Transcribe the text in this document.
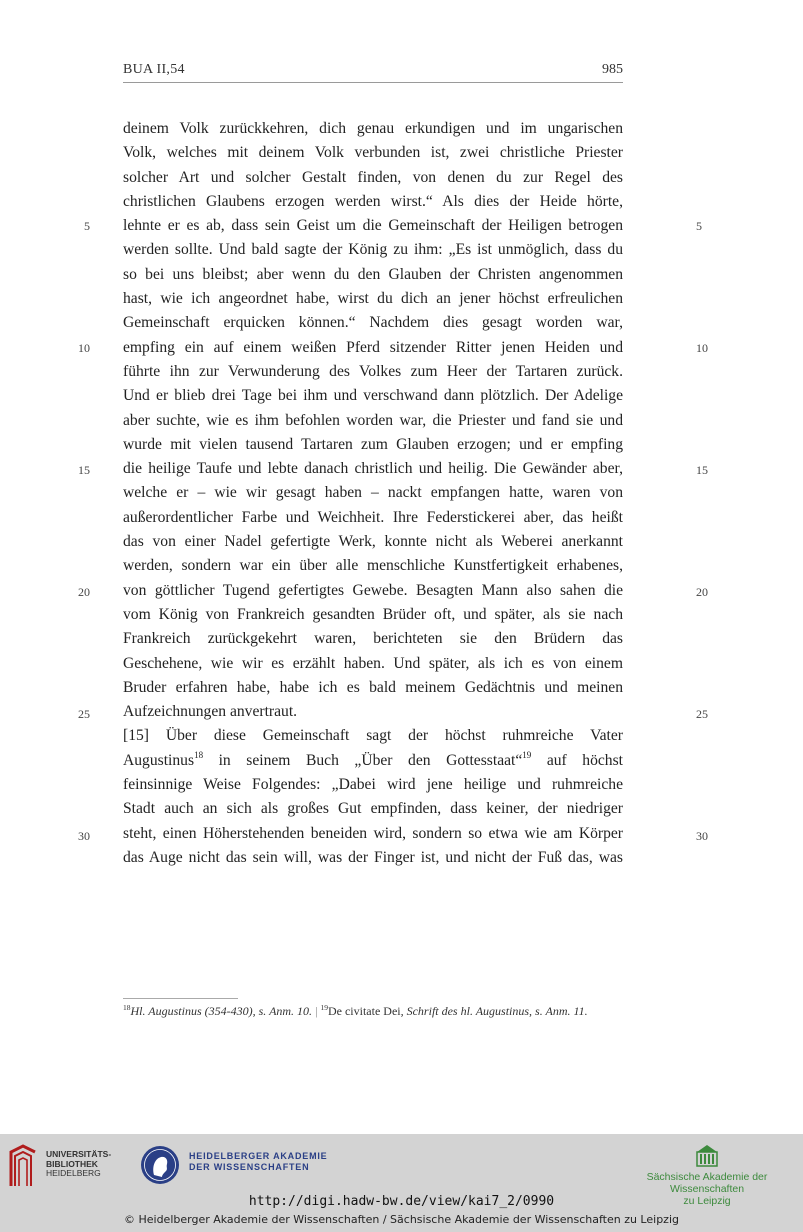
BUA II,54	985
deinem Volk zurückkehren, dich genau erkundigen und im ungarischen
Volk, welches mit deinem Volk verbunden ist, zwei christliche Priester
solcher Art und solcher Gestalt finden, von denen du zur Regel des
christlichen Glaubens erzogen werden wirst.“ Als dies der Heide hörte,
lehnte er es ab, dass sein Geist um die Gemeinschaft der Heiligen betrogen
werden sollte. Und bald sagte der König zu ihm: „Es ist unmöglich, dass du
so bei uns bleibst; aber wenn du den Glauben der Christen angenommen
hast, wie ich angeordnet habe, wirst du dich an jener höchst erfreulichen
Gemeinschaft erquicken können.“ Nachdem dies gesagt worden war,
empfing ein auf einem weißen Pferd sitzender Ritter jenen Heiden und
führte ihn zur Verwunderung des Volkes zum Heer der Tartaren zurück.
Und er blieb drei Tage bei ihm und verschwand dann plötzlich. Der Adelige
aber suchte, wie es ihm befohlen worden war, die Priester und fand sie und
wurde mit vielen tausend Tartaren zum Glauben erzogen; und er empfing
die heilige Taufe und lebte danach christlich und heilig. Die Gewänder aber,
welche er – wie wir gesagt haben – nackt empfangen hatte, waren von
außerordentlicher Farbe und Weichheit. Ihre Federstickerei aber, das heißt
das von einer Nadel gefertigte Werk, konnte nicht als Weberei anerkannt
werden, sondern war ein über alle menschliche Kunstfertigkeit erhabenes,
von göttlicher Tugend gefertigtes Gewebe. Besagten Mann also sahen die
vom König von Frankreich gesandten Brüder oft, und später, als sie nach
Frankreich zurückgekehrt waren, berichteten sie den Brüdern das
Geschehene, wie wir es erzählt haben. Und später, als ich es von einem
Bruder erfahren habe, habe ich es bald meinem Gedächtnis und meinen
Aufzeichnungen anvertraut.
[15] Über diese Gemeinschaft sagt der höchst ruhmreiche Vater
Augustinus$^{18}$ in seinem Buch „Über den Gottesstaat“$^{19}$ auf höchst
feinsinnige Weise Folgendes: „Dabei wird jene heilige und ruhmreiche
Stadt auch an sich als großes Gut empfinden, dass keiner, der niedriger
steht, einen Höherstehenden beneiden wird, sondern so etwa wie am Körper
das Auge nicht das sein will, was der Finger ist, und nicht der Fuß das, was
5
10
15
20
25
30
5
10
15
20
25
30
$^{18}$Hl. Augustinus (354-430), s. Anm. 10. | $^{19}$De civitate Dei, Schrift des hl. Augustinus, s. Anm. 11.
UNIVERSITÄTS-
BIBLIOTHEK
HEIDELBERG
HEIDELBERGER AKADEMIE
DER WISSENSCHAFTEN
Sächsische Akademie der Wissenschaften
zu Leipzig
http://digi.hadw-bw.de/view/kai7_2/0990
© Heidelberger Akademie der Wissenschaften / Sächsische Akademie der Wissenschaften zu Leipzig
